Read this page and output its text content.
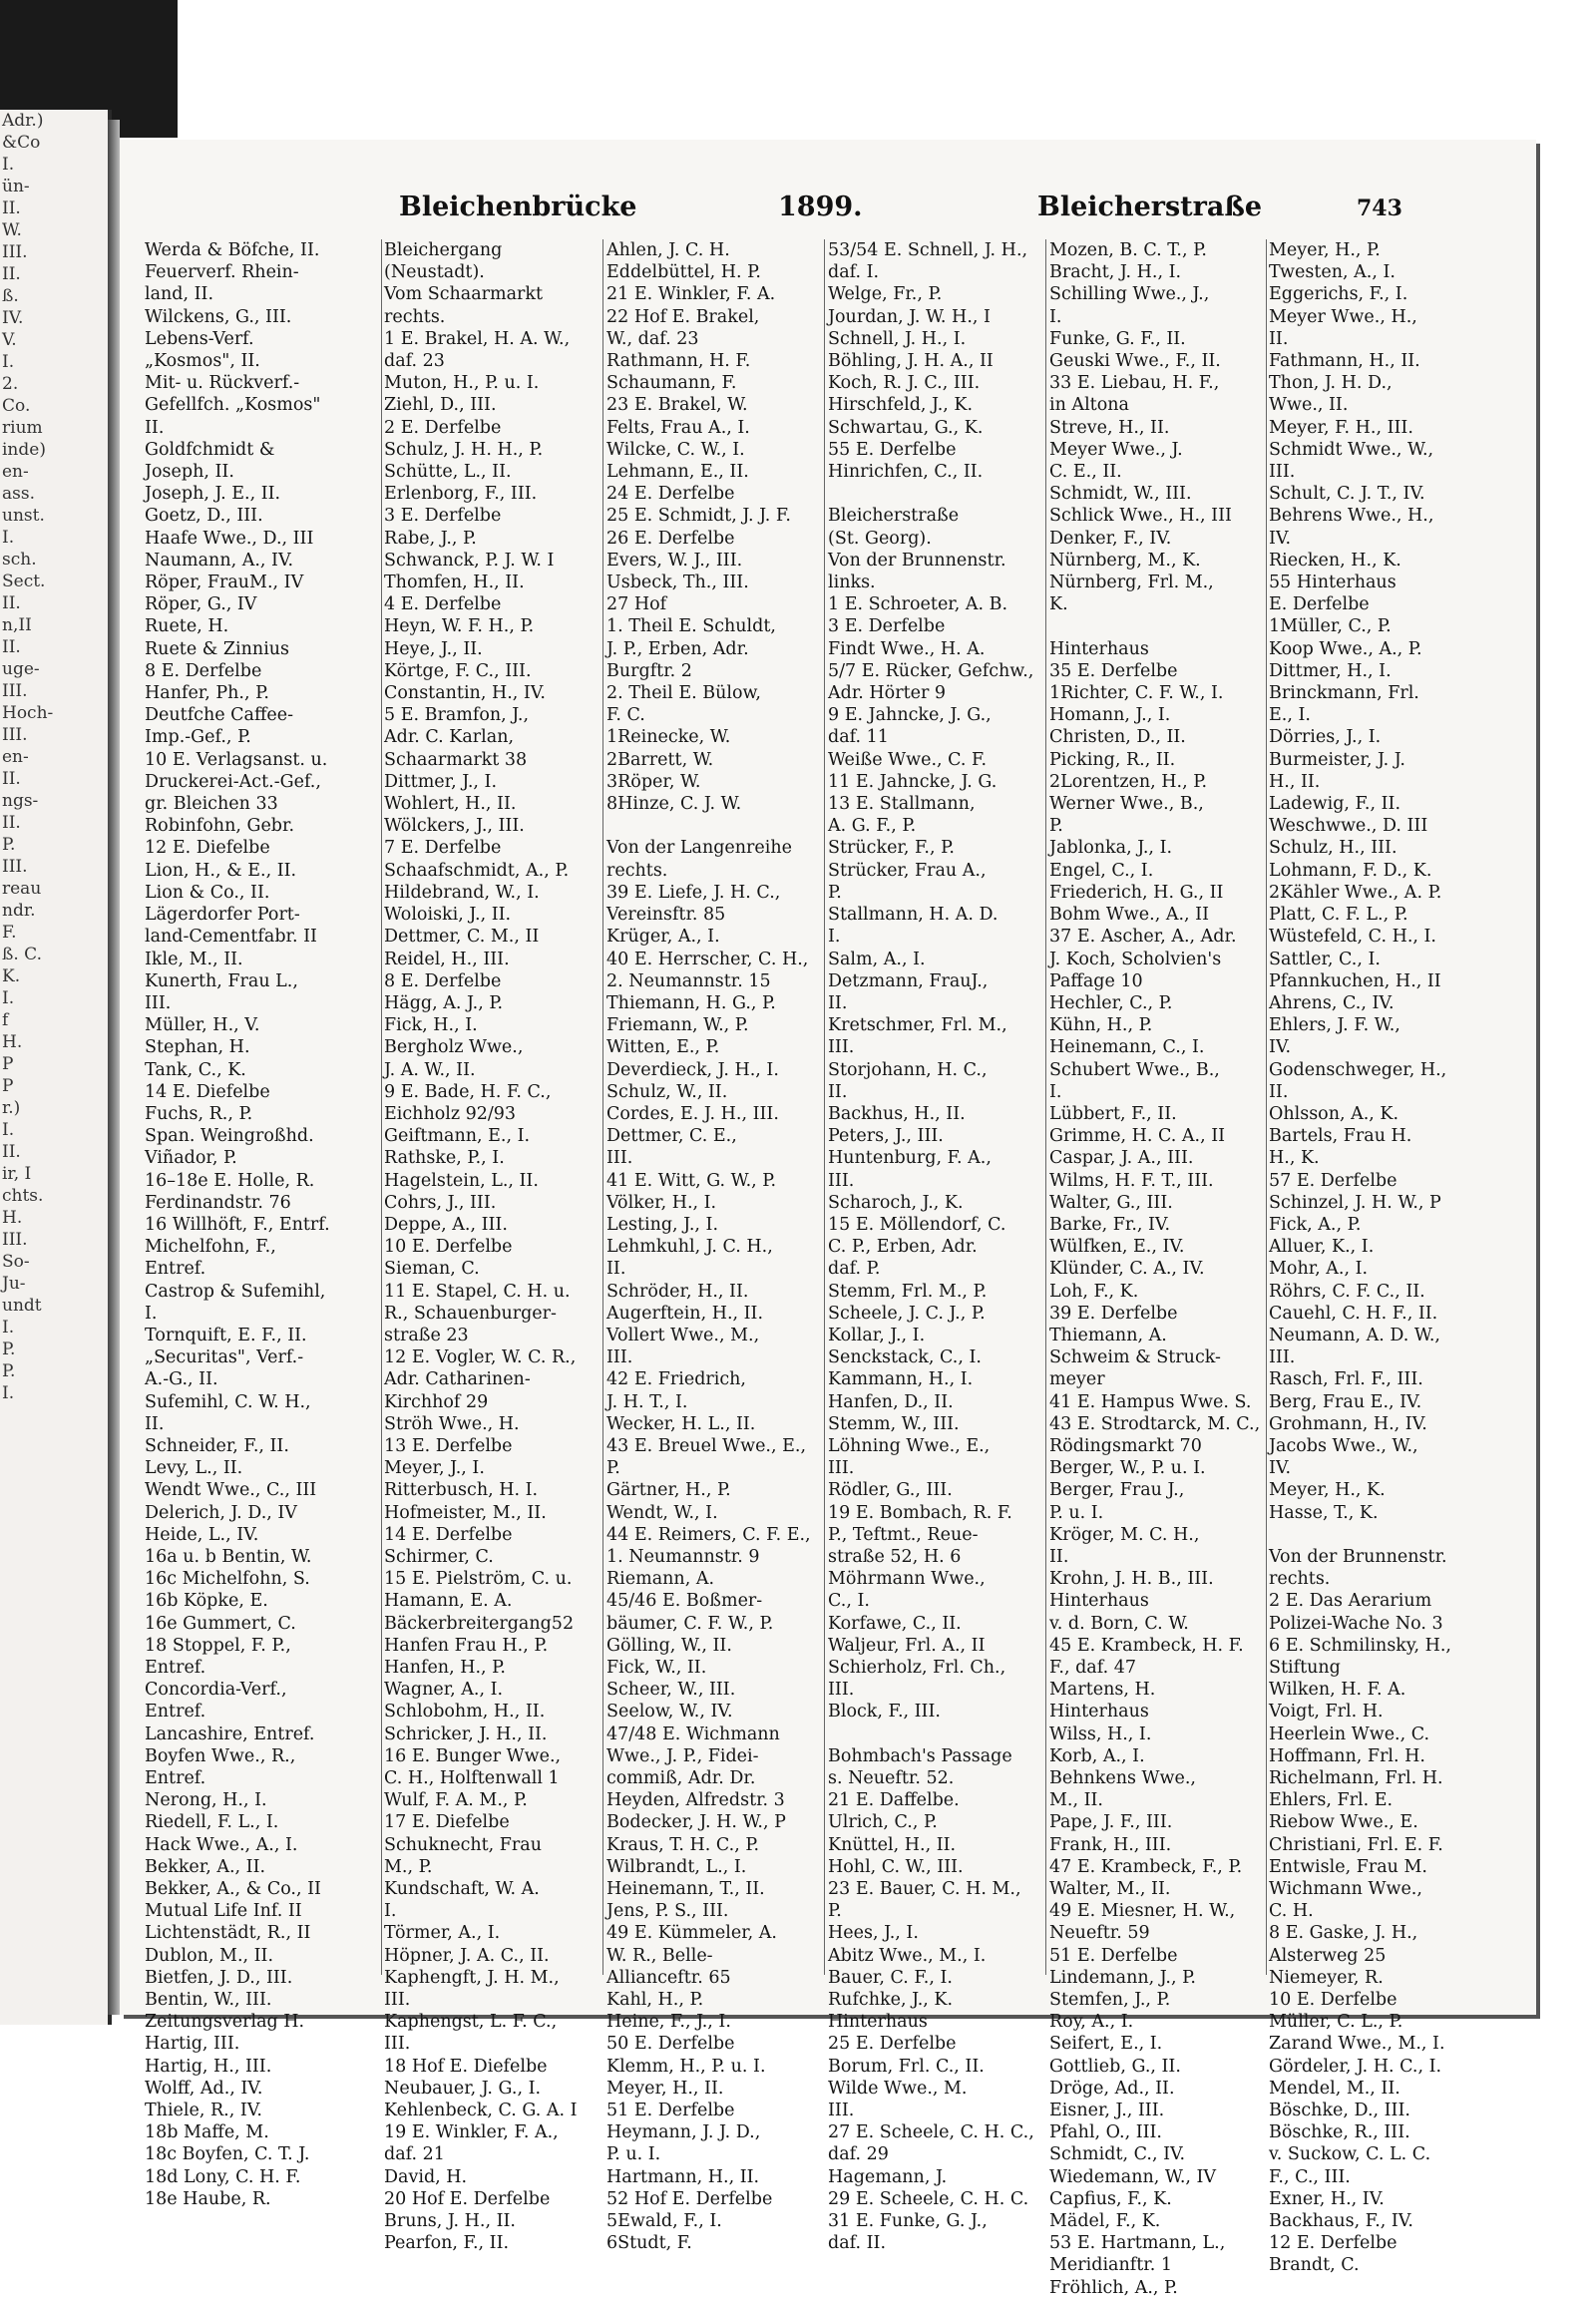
Adr.)
&Co
I.
ün-
II.
W.
III.
II.
ß.
IV.
V.
I.
2.
Co.
rium
inde)
en-
ass.
unst.
I.
sch.
Sect.
II.
n,II
II.
uge-
III.
Hoch-
III.
en-
II.
ngs-
II.
P.
III.
reau
ndr.
F.
ß. C.
K.
I.
f
H.
P
P
r.)
I.
II.
ir, I
chts.
H.
III.
So-
Ju-
undt
I.
P.
P.
I.
Bleichenbrücke	1899.	Bleicherstraße	743
Werda & Böfche, II.
Feuerverf. Rhein-
land, II.
Wilckens, G., III.
Lebens-Verf.
„Kosmos", II.
Mit- u. Rückverf.-
Gefellfch. „Kosmos"
II.
Goldfchmidt &
Joseph, II.
Joseph, J. E., II.
Goetz, D., III.
Haafe Wwe., D., III
Naumann, A., IV.
Röper, FrauM., IV
Röper, G., IV
Ruete, H.
Ruete & Zinnius
8 E. Derfelbe
Hanfer, Ph., P.
Deutfche Caffee-
Imp.-Gef., P.
10 E. Verlagsanst. u.
Druckerei-Act.-Gef.,
gr. Bleichen 33
Robinfohn, Gebr.
12 E. Diefelbe
Lion, H., & E., II.
Lion & Co., II.
Lägerdorfer Port-
land-Cementfabr. II
Ikle, M., II.
Kunerth, Frau L.,
III.
Müller, H., V.
Stephan, H.
Tank, C., K.
14 E. Diefelbe
Fuchs, R., P.
Span. Weingroßhd.
Viñador, P.
16–18e E. Holle, R.
Ferdinandstr. 76
16 Willhöft, F., Entrf.
Michelfohn, F.,
Entref.
Castrop & Sufemihl,
I.
Tornquift, E. F., II.
„Securitas", Verf.-
A.-G., II.
Sufemihl, C. W. H.,
II.
Schneider, F., II.
Levy, L., II.
Wendt Wwe., C., III
Delerich, J. D., IV
Heide, L., IV.
16a u. b Bentin, W.
16c Michelfohn, S.
16b Köpke, E.
16e Gummert, C.
18 Stoppel, F. P.,
Entref.
Concordia-Verf.,
Entref.
Lancashire, Entref.
Boyfen Wwe., R.,
Entref.
Nerong, H., I.
Riedell, F. L., I.
Hack Wwe., A., I.
Bekker, A., II.
Bekker, A., & Co., II
Mutual Life Inf. II
Lichtenstädt, R., II
Dublon, M., II.
Bietfen, J. D., III.
Bentin, W., III.
Zeitungsverlag H.
Hartig, III.
Hartig, H., III.
Wolff, Ad., IV.
Thiele, R., IV.
18b Maffe, M.
18c Boyfen, C. T. J.
18d Lony, C. H. F.
18e Haube, R.
Bleichergang
(Neustadt).
Vom Schaarmarkt
rechts.
1 E. Brakel, H. A. W.,
daf. 23
Muton, H., P. u. I.
Ziehl, D., III.
2 E. Derfelbe
Schulz, J. H. H., P.
Schütte, L., II.
Erlenborg, F., III.
3 E. Derfelbe
Rabe, J., P.
Schwanck, P. J. W. I
Thomfen, H., II.
4 E. Derfelbe
Heyn, W. F. H., P.
Heye, J., II.
Körtge, F. C., III.
Constantin, H., IV.
5 E. Bramfon, J.,
Adr. C. Karlan,
Schaarmarkt 38
Dittmer, J., I.
Wohlert, H., II.
Wölckers, J., III.
7 E. Derfelbe
Schaafschmidt, A., P.
Hildebrand, W., I.
Woloiski, J., II.
Dettmer, C. M., II
Reidel, H., III.
8 E. Derfelbe
Hägg, A. J., P.
Fick, H., I.
Bergholz Wwe.,
J. A. W., II.
9 E. Bade, H. F. C.,
Eichholz 92/93
Geiftmann, E., I.
Rathske, P., I.
Hagelstein, L., II.
Cohrs, J., III.
Deppe, A., III.
10 E. Derfelbe
Sieman, C.
11 E. Stapel, C. H. u.
R., Schauenburger-
straße 23
12 E. Vogler, W. C. R.,
Adr. Catharinen-
Kirchhof 29
Ströh Wwe., H.
13 E. Derfelbe
Meyer, J., I.
Ritterbusch, H. I.
Hofmeister, M., II.
14 E. Derfelbe
Schirmer, C.
15 E. Pielström, C. u.
Hamann, E. A.
Bäckerbreitergang52
Hanfen Frau H., P.
Hanfen, H., P.
Wagner, A., I.
Schlobohm, H., II.
Schricker, J. H., II.
16 E. Bunger Wwe.,
C. H., Holftenwall 1
Wulf, F. A. M., P.
17 E. Diefelbe
Schuknecht, Frau
M., P.
Kundschaft, W. A.
I.
Törmer, A., I.
Höpner, J. A. C., II.
Kaphengft, J. H. M.,
III.
Kaphengst, L. F. C.,
III.
18 Hof E. Diefelbe
Neubauer, J. G., I.
Kehlenbeck, C. G. A. I
19 E. Winkler, F. A.,
daf. 21
David, H.
20 Hof E. Derfelbe
Bruns, J. H., II.
Pearfon, F., II.
Ahlen, J. C. H.
Eddelbüttel, H. P.
21 E. Winkler, F. A.
22 Hof E. Brakel,
W., daf. 23
Rathmann, H. F.
Schaumann, F.
23 E. Brakel, W.
Felts, Frau A., I.
Wilcke, C. W., I.
Lehmann, E., II.
24 E. Derfelbe
25 E. Schmidt, J. J. F.
26 E. Derfelbe
Evers, W. J., III.
Usbeck, Th., III.
27 Hof
1. Theil E. Schuldt,
J. P., Erben, Adr.
Burgftr. 2
2. Theil E. Bülow,
F. C.
1Reinecke, W.
2Barrett, W.
3Röper, W.
8Hinze, C. J. W.

Von der Langenreihe
rechts.
39 E. Liefe, J. H. C.,
Vereinsftr. 85
Krüger, A., I.
40 E. Herrscher, C. H.,
2. Neumannstr. 15
Thiemann, H. G., P.
Friemann, W., P.
Witten, E., P.
Deverdieck, J. H., I.
Schulz, W., II.
Cordes, E. J. H., III.
Dettmer, C. E.,
III.
41 E. Witt, G. W., P.
Völker, H., I.
Lesting, J., I.
Lehmkuhl, J. C. H.,
II.
Schröder, H., II.
Augerftein, H., II.
Vollert Wwe., M.,
III.
42 E. Friedrich,
J. H. T., I.
Wecker, H. L., II.
43 E. Breuel Wwe., E.,
P.
Gärtner, H., P.
Wendt, W., I.
44 E. Reimers, C. F. E.,
1. Neumannstr. 9
Riemann, A.
45/46 E. Boßmer-
bäumer, C. F. W., P.
Gölling, W., II.
Fick, W., II.
Scheer, W., III.
Seelow, W., IV.
47/48 E. Wichmann
Wwe., J. P., Fidei-
commiß, Adr. Dr.
Heyden, Alfredstr. 3
Bodecker, J. H. W., P
Kraus, T. H. C., P.
Wilbrandt, L., I.
Heinemann, T., II.
Jens, P. S., III.
49 E. Kümmeler, A.
W. R., Belle-
Allianceftr. 65
Kahl, H., P.
Heine, F., J., I.
50 E. Derfelbe
Klemm, H., P. u. I.
Meyer, H., II.
51 E. Derfelbe
Heymann, J. J. D.,
P. u. I.
Hartmann, H., II.
52 Hof E. Derfelbe
5Ewald, F., I.
6Studt, F.
53/54 E. Schnell, J. H.,
daf. I.
Welge, Fr., P.
Jourdan, J. W. H., I
Schnell, J. H., I.
Böhling, J. H. A., II
Koch, R. J. C., III.
Hirschfeld, J., K.
Schwartau, G., K.
55 E. Derfelbe
Hinrichfen, C., II.

Bleicherstraße
(St. Georg).
Von der Brunnenstr.
links.
1 E. Schroeter, A. B.
3 E. Derfelbe
Findt Wwe., H. A.
5/7 E. Rücker, Gefchw.,
Adr. Hörter 9
9 E. Jahncke, J. G.,
daf. 11
Weiße Wwe., C. F.
11 E. Jahncke, J. G.
13 E. Stallmann,
A. G. F., P.
Strücker, F., P.
Strücker, Frau A.,
P.
Stallmann, H. A. D.
I.
Salm, A., I.
Detzmann, FrauJ.,
II.
Kretschmer, Frl. M.,
III.
Storjohann, H. C.,
II.
Backhus, H., II.
Peters, J., III.
Huntenburg, F. A.,
III.
Scharoch, J., K.
15 E. Möllendorf, C.
C. P., Erben, Adr.
daf. P.
Stemm, Frl. M., P.
Scheele, J. C. J., P.
Kollar, J., I.
Senckstack, C., I.
Kammann, H., I.
Hanfen, D., II.
Stemm, W., III.
Löhning Wwe., E.,
III.
Rödler, G., III.
19 E. Bombach, R. F.
P., Teftmt., Reue-
straße 52, H. 6
Möhrmann Wwe.,
C., I.
Korfawe, C., II.
Waljeur, Frl. A., II
Schierholz, Frl. Ch.,
III.
Block, F., III.

Bohmbach's Passage
s. Neueftr. 52.
21 E. Daffelbe.
Ulrich, C., P.
Knüttel, H., II.
Hohl, C. W., III.
23 E. Bauer, C. H. M.,
P.
Hees, J., I.
Abitz Wwe., M., I.
Bauer, C. F., I.
Rufchke, J., K.
Hinterhaus
25 E. Derfelbe
Borum, Frl. C., II.
Wilde Wwe., M.
III.
27 E. Scheele, C. H. C.,
daf. 29
Hagemann, J.
29 E. Scheele, C. H. C.
31 E. Funke, G. J.,
daf. II.
Mozen, B. C. T., P.
Bracht, J. H., I.
Schilling Wwe., J.,
I.
Funke, G. F., II.
Geuski Wwe., F., II.
33 E. Liebau, H. F.,
in Altona
Streve, H., II.
Meyer Wwe., J.
C. E., II.
Schmidt, W., III.
Schlick Wwe., H., III
Denker, F., IV.
Nürnberg, M., K.
Nürnberg, Frl. M.,
K.

Hinterhaus
35 E. Derfelbe
1Richter, C. F. W., I.
Homann, J., I.
Christen, D., II.
Picking, R., II.
2Lorentzen, H., P.
Werner Wwe., B.,
P.
Jablonka, J., I.
Engel, C., I.
Friederich, H. G., II
Bohm Wwe., A., II
37 E. Ascher, A., Adr.
J. Koch, Scholvien's
Paffage 10
Hechler, C., P.
Kühn, H., P.
Heinemann, C., I.
Schubert Wwe., B.,
I.
Lübbert, F., II.
Grimme, H. C. A., II
Caspar, J. A., III.
Wilms, H. F. T., III.
Walter, G., III.
Barke, Fr., IV.
Wülfken, E., IV.
Klünder, C. A., IV.
Loh, F., K.
39 E. Derfelbe
Thiemann, A.
Schweim & Struck-
meyer
41 E. Hampus Wwe. S.
43 E. Strodtarck, M. C.,
Rödingsmarkt 70
Berger, W., P. u. I.
Berger, Frau J.,
P. u. I.
Kröger, M. C. H.,
II.
Krohn, J. H. B., III.
Hinterhaus
v. d. Born, C. W.
45 E. Krambeck, H. F.
F., daf. 47
Martens, H.
Hinterhaus
Wilss, H., I.
Korb, A., I.
Behnkens Wwe.,
M., II.
Pape, J. F., III.
Frank, H., III.
47 E. Krambeck, F., P.
Walter, M., II.
49 E. Miesner, H. W.,
Neueftr. 59
51 E. Derfelbe
Lindemann, J., P.
Stemfen, J., P.
Roy, A., I.
Seifert, E., I.
Gottlieb, G., II.
Dröge, Ad., II.
Eisner, J., III.
Pfahl, O., III.
Schmidt, C., IV.
Wiedemann, W., IV
Capfius, F., K.
Mädel, F., K.
53 E. Hartmann, L.,
Meridianftr. 1
Fröhlich, A., P.
Meyer, H., P.
Twesten, A., I.
Eggerichs, F., I.
Meyer Wwe., H.,
II.
Fathmann, H., II.
Thon, J. H. D.,
Wwe., II.
Meyer, F. H., III.
Schmidt Wwe., W.,
III.
Schult, C. J. T., IV.
Behrens Wwe., H.,
IV.
Riecken, H., K.
55 Hinterhaus
E. Derfelbe
1Müller, C., P.
Koop Wwe., A., P.
Dittmer, H., I.
Brinckmann, Frl.
E., I.
Dörries, J., I.
Burmeister, J. J.
H., II.
Ladewig, F., II.
Weschwwe., D. III
Schulz, H., III.
Lohmann, F. D., K.
2Kähler Wwe., A. P.
Platt, C. F. L., P.
Wüstefeld, C. H., I.
Sattler, C., I.
Pfannkuchen, H., II
Ahrens, C., IV.
Ehlers, J. F. W.,
IV.
Godenschweger, H.,
II.
Ohlsson, A., K.
Bartels, Frau H.
H., K.
57 E. Derfelbe
Schinzel, J. H. W., P
Fick, A., P.
Alluer, K., I.
Mohr, A., I.
Röhrs, C. F. C., II.
Cauehl, C. H. F., II.
Neumann, A. D. W.,
III.
Rasch, Frl. F., III.
Berg, Frau E., IV.
Grohmann, H., IV.
Jacobs Wwe., W.,
IV.
Meyer, H., K.
Hasse, T., K.

Von der Brunnenstr.
rechts.
2 E. Das Aerarium
Polizei-Wache No. 3
6 E. Schmilinsky, H.,
Stiftung
Wilken, H. F. A.
Voigt, Frl. H.
Heerlein Wwe., C.
Hoffmann, Frl. H.
Richelmann, Frl. H.
Ehlers, Frl. E.
Riebow Wwe., E.
Christiani, Frl. E. F.
Entwisle, Frau M.
Wichmann Wwe.,
C. H.
8 E. Gaske, J. H.,
Alsterweg 25
Niemeyer, R.
10 E. Derfelbe
Müller, C. L., P.
Zarand Wwe., M., I.
Gördeler, J. H. C., I.
Mendel, M., II.
Böschke, D., III.
Böschke, R., III.
v. Suckow, C. L. C.
F., C., III.
Exner, H., IV.
Backhaus, F., IV.
12 E. Derfelbe
Brandt, C.
